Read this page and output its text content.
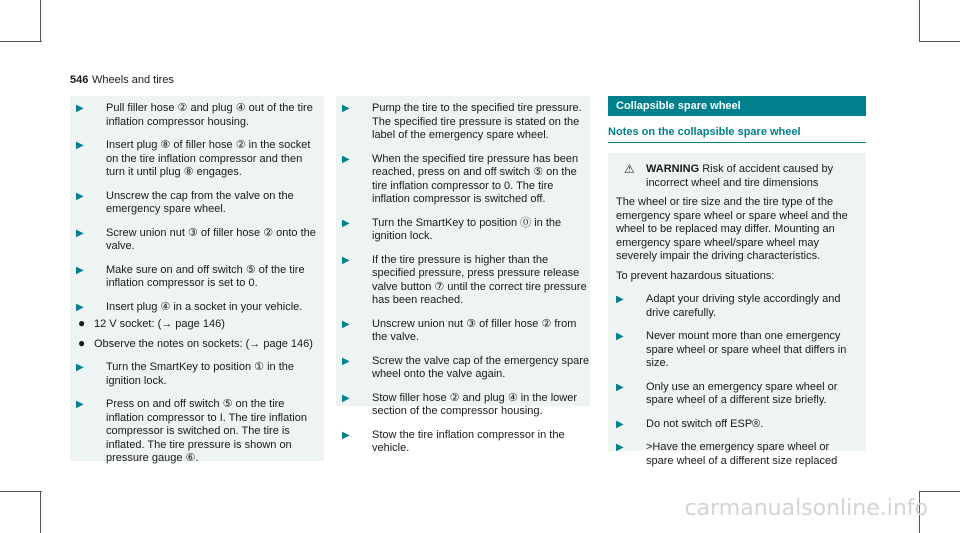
546 Wheels and tires
▶ Pull filler hose ② and plug ④ out of the tire inflation compressor housing.
▶ Insert plug ⑧ of filler hose ② in the socket on the tire inflation compressor and then turn it until plug ⑧ engages.
▶ Unscrew the cap from the valve on the emergency spare wheel.
▶ Screw union nut ③ of filler hose ② onto the valve.
▶ Make sure on and off switch ⑤ of the tire inflation compressor is set to 0.
▶ Insert plug ④ in a socket in your vehicle.
● 12 V socket: (→ page 146)
● Observe the notes on sockets: (→ page 146)
▶ Turn the SmartKey to position ① in the ignition lock.
▶ Press on and off switch ⑤ on the tire inflation compressor to I. The tire inflation compressor is switched on. The tire is inflated. The tire pressure is shown on pressure gauge ⑥.
▶ Pump the tire to the specified tire pressure. The specified tire pressure is stated on the label of the emergency spare wheel.
▶ When the specified tire pressure has been reached, press on and off switch ⑤ on the tire inflation compressor to 0. The tire inflation compressor is switched off.
▶ Turn the SmartKey to position ⓪ in the ignition lock.
▶ If the tire pressure is higher than the specified pressure, press pressure release valve button ⑦ until the correct tire pressure has been reached.
▶ Unscrew union nut ③ of filler hose ② from the valve.
▶ Screw the valve cap of the emergency spare wheel onto the valve again.
▶ Stow filler hose ② and plug ④ in the lower section of the compressor housing.
▶ Stow the tire inflation compressor in the vehicle.
Collapsible spare wheel
Notes on the collapsible spare wheel
⚠ WARNING Risk of accident caused by incorrect wheel and tire dimensions

The wheel or tire size and the tire type of the emergency spare wheel or spare wheel and the wheel to be replaced may differ. Mounting an emergency spare wheel/spare wheel may severely impair the driving characteristics.

To prevent hazardous situations:

▶ Adapt your driving style accordingly and drive carefully.
▶ Never mount more than one emergency spare wheel or spare wheel that differs in size.
▶ Only use an emergency spare wheel or spare wheel of a different size briefly.
▶ Do not switch off ESP®.
▶ >Have the emergency spare wheel or spare wheel of a different size replaced
carmanualsonline.info
